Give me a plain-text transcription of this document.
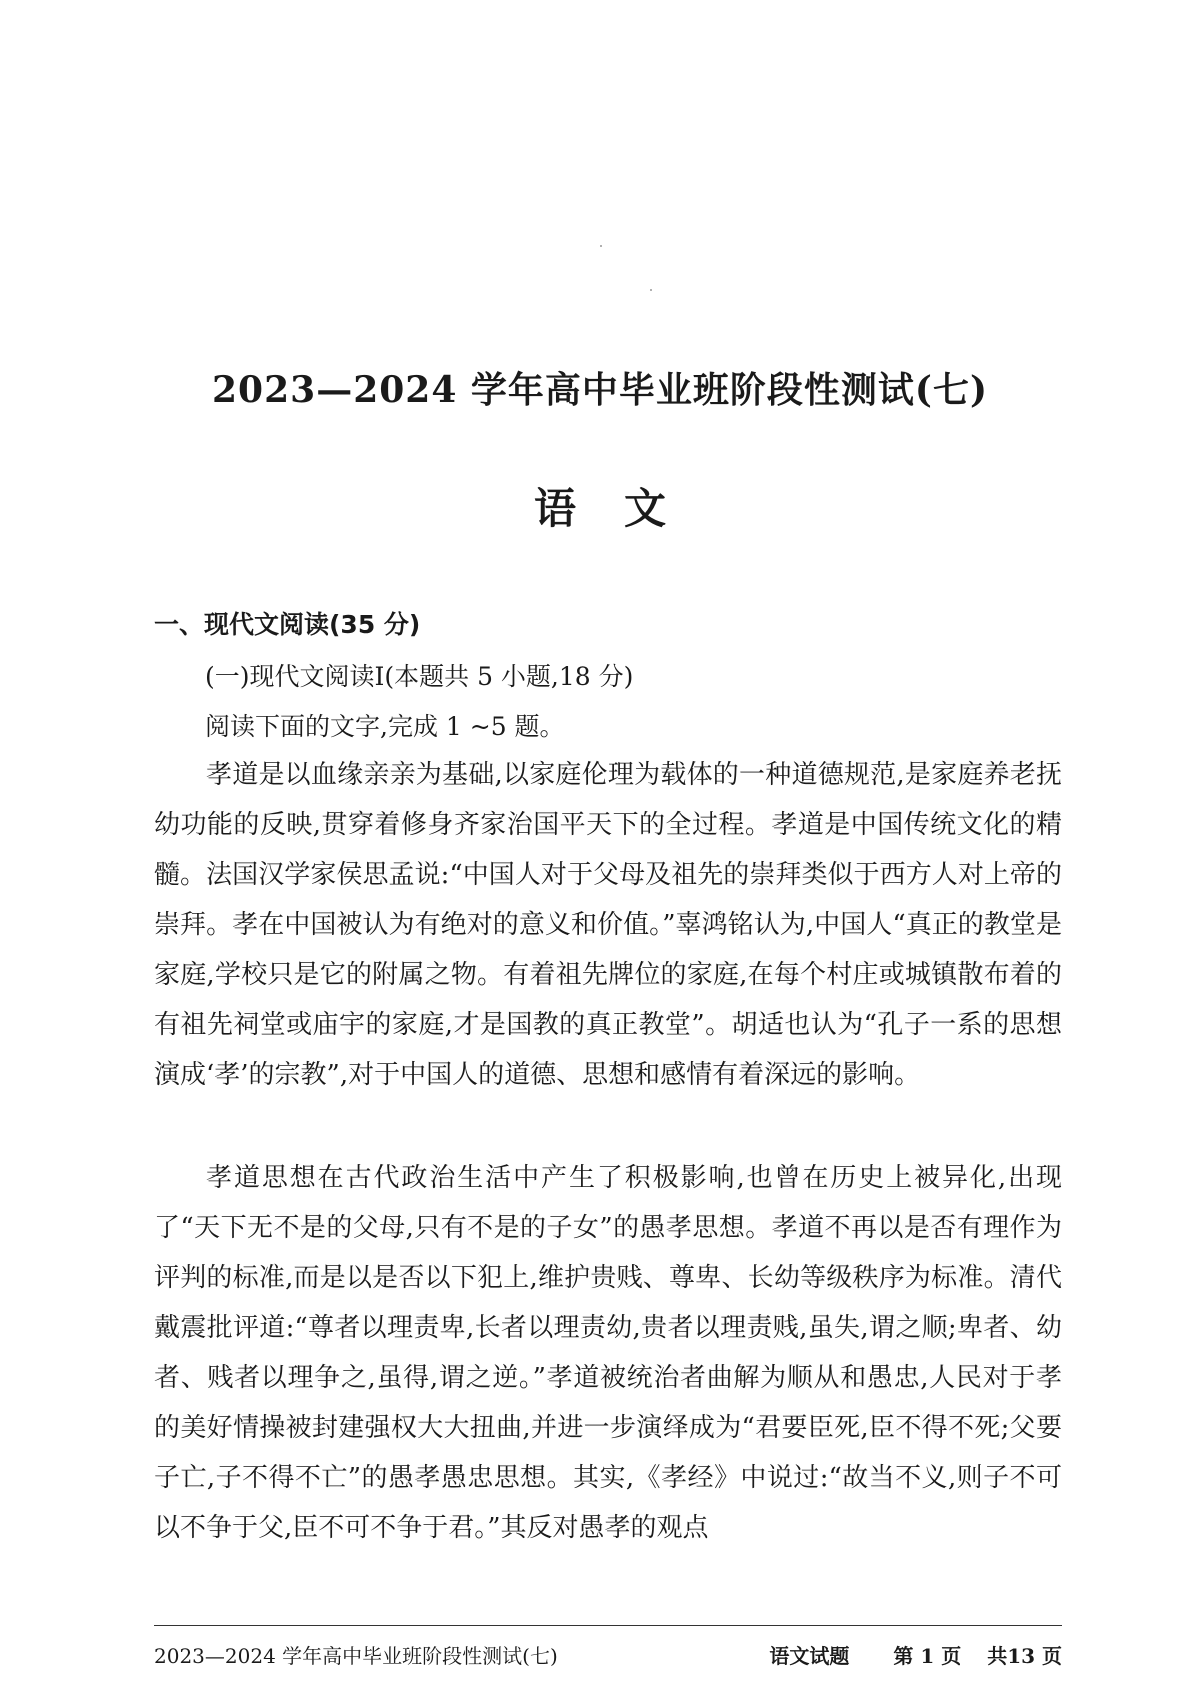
2023—2024 学年高中毕业班阶段性测试(七)
语文
一、现代文阅读(35 分)
(一)现代文阅读Ⅰ(本题共 5 小题,18 分)
阅读下面的文字,完成 1 ~5 题。

孝道是以血缘亲亲为基础,以家庭伦理为载体的一种道德规范,是家庭养老抚幼功能的反映,贯穿着修身齐家治国平天下的全过程。孝道是中国传统文化的精髓。法国汉学家侯思孟说:“中国人对于父母及祖先的崇拜类似于西方人对上帝的崇拜。孝在中国被认为有绝对的意义和价值。”辜鸿铭认为,中国人“真正的教堂是家庭,学校只是它的附属之物。有着祖先牌位的家庭,在每个村庄或城镇散布着的有祖先祠堂或庙宇的家庭,才是国教的真正教堂”。胡适也认为“孔子一系的思想演成‘孝’的宗教”,对于中国人的道德、思想和感情有着深远的影响。

孝道思想在古代政治生活中产生了积极影响,也曾在历史上被异化,出现了“天下无不是的父母,只有不是的子女”的愚孝思想。孝道不再以是否有理作为评判的标准,而是以是否以下犯上,维护贵贱、尊卑、长幼等级秩序为标准。清代戴震批评道:“尊者以理责卑,长者以理责幼,贵者以理责贱,虽失,谓之顺;卑者、幼者、贱者以理争之,虽得,谓之逆。”孝道被统治者曲解为顺从和愚忠,人民对于孝的美好情操被封建强权大大扭曲,并进一步演绎成为“君要臣死,臣不得不死;父要子亡,子不得不亡”的愚孝愚忠思想。其实,《孝经》中说过:“故当不义,则子不可以不争于父,臣不可不争于君。”其反对愚孝的观点

2023—2024 学年高中毕业班阶段性测试(七)	语文试题 第 1 页 共13 页
